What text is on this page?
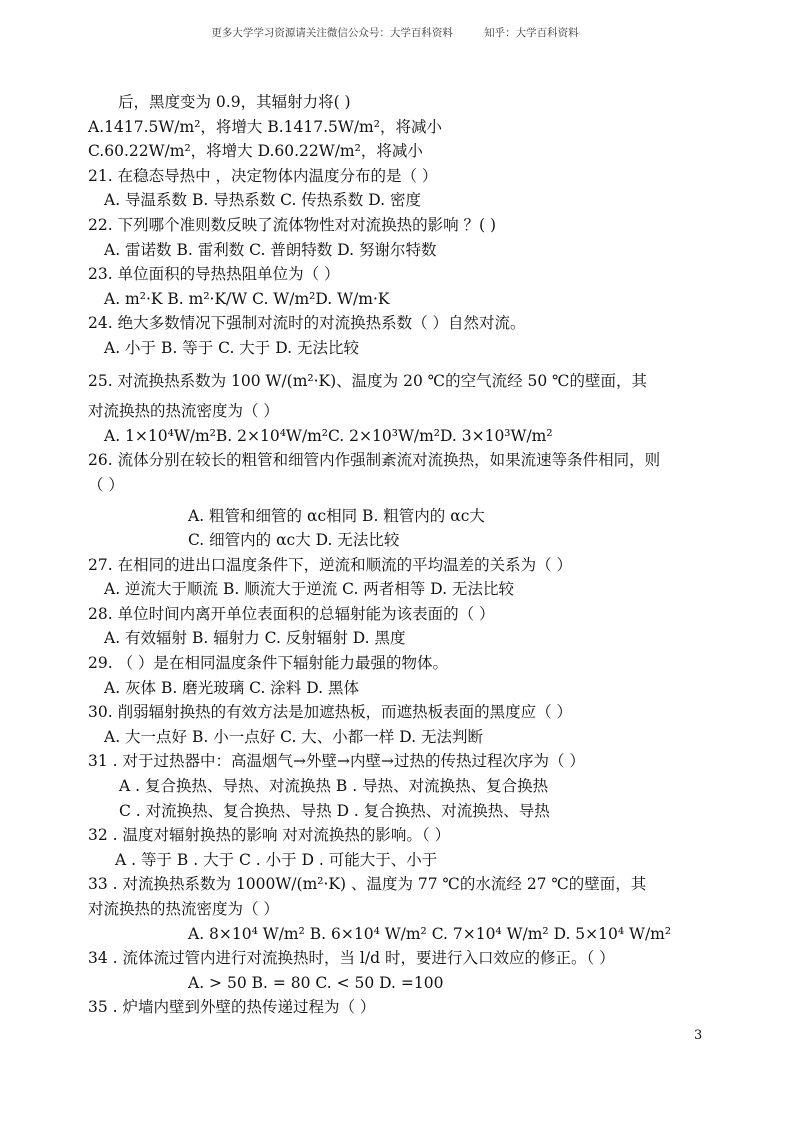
更多大学学习资源请关注微信公众号：大学百科资料	知乎：大学百科资料
后，黑度变为 0.9，其辐射力将( )
A.1417.5W/m²，将增大 B.1417.5W/m²，将减小
C.60.22W/m²，将增大 D.60.22W/m²，将减小
21. 在稳态导热中 ，决定物体内温度分布的是（ ）
A. 导温系数 B. 导热系数 C. 传热系数 D. 密度
22. 下列哪个准则数反映了流体物性对对流换热的影响 ？( )
A. 雷诺数 B. 雷利数 C. 普朗特数 D. 努谢尔特数
23. 单位面积的导热热阻单位为（ ）
A. m²·K B. m²·K/W C. W/m²D. W/m·K
24. 绝大多数情况下强制对流时的对流换热系数（ ）自然对流。
A. 小于 B. 等于 C. 大于 D. 无法比较
25. 对流换热系数为 100 W/(m²·K)、温度为 20 ℃的空气流经 50 ℃的壁面，其
对流换热的热流密度为（ ）
A. 1×10⁴W/m²B. 2×10⁴W/m²C. 2×10³W/m²D. 3×10³W/m²
26. 流体分别在较长的粗管和细管内作强制紊流对流换热，如果流速等条件相同，则
（ ）
A. 粗管和细管的 αc相同 B. 粗管内的 αc大
C. 细管内的 αc大 D. 无法比较
27. 在相同的进出口温度条件下，逆流和顺流的平均温差的关系为（ ）
A. 逆流大于顺流 B. 顺流大于逆流 C. 两者相等 D. 无法比较
28. 单位时间内离开单位表面积的总辐射能为该表面的（ ）
A. 有效辐射 B. 辐射力 C. 反射辐射 D. 黑度
29. （ ）是在相同温度条件下辐射能力最强的物体。
A. 灰体 B. 磨光玻璃 C. 涂料 D. 黑体
30. 削弱辐射换热的有效方法是加遮热板，而遮热板表面的黑度应（ ）
A. 大一点好 B. 小一点好 C. 大、小都一样 D. 无法判断
31 . 对于过热器中：高温烟气→外壁→内壁→过热的传热过程次序为（ ）
A . 复合换热、导热、对流换热 B . 导热、对流换热、复合换热
C . 对流换热、复合换热、导热 D . 复合换热、对流换热、导热
32 . 温度对辐射换热的影响 对对流换热的影响。（ ）
A . 等于 B . 大于 C . 小于 D . 可能大于、小于
33 . 对流换热系数为 1000W/(m²·K) 、温度为 77 ℃的水流经 27 ℃的壁面，其
对流换热的热流密度为（ ）
A. 8×10⁴ W/m² B. 6×10⁴ W/m² C. 7×10⁴ W/m² D. 5×10⁴ W/m²
34 . 流体流过管内进行对流换热时，当 l/d 时，要进行入口效应的修正。（ ）
A. > 50 B. = 80 C. < 50 D. =100
35 . 炉墙内壁到外壁的热传递过程为（ ）
3
